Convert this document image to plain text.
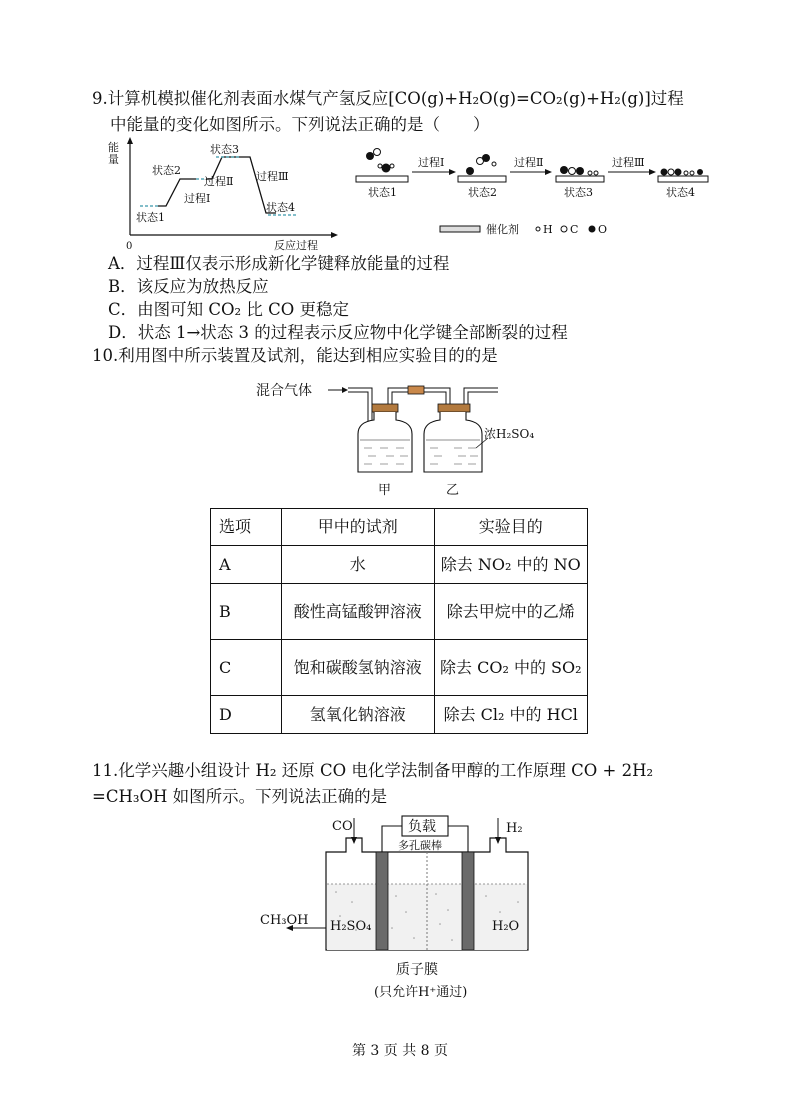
9.计算机模拟催化剂表面水煤气产氢反应[CO(g)+H₂O(g)=CO₂(g)+H₂(g)]过程
中能量的变化如图所示。下列说法正确的是（　　）
能
量
0	反应过程
状态1
状态2
状态3
状态4
过程Ⅰ
过程Ⅱ 过程Ⅲ
状态1
过程Ⅰ
状态2
过程Ⅱ
状态3
过程Ⅲ
状态4
催化剂 H C O
A．过程Ⅲ仅表示形成新化学键释放能量的过程
B．该反应为放热反应
C．由图可知 CO₂ 比 CO 更稳定
D．状态 1→状态 3 的过程表示反应物中化学键全部断裂的过程
10.利用图中所示装置及试剂，能达到相应实验目的的是
混合气体
浓H₂SO₄
甲	乙
选项	甲中的试剂	实验目的
A	水	除去 NO₂ 中的 NO
B	酸性高锰酸钾溶液	除去甲烷中的乙烯
C	饱和碳酸氢钠溶液	除去 CO₂ 中的 SO₂
D	氢氧化钠溶液	除去 Cl₂ 中的 HCl
11.化学兴趣小组设计 H₂ 还原 CO 电化学法制备甲醇的工作原理 CO + 2H₂
=CH₃OH 如图所示。下列说法正确的是
负载
多孔碳棒
CO	H₂
CH₃OH H₂SO₄	H₂O
质子膜
(只允许H⁺通过)
第 3 页 共 8 页
